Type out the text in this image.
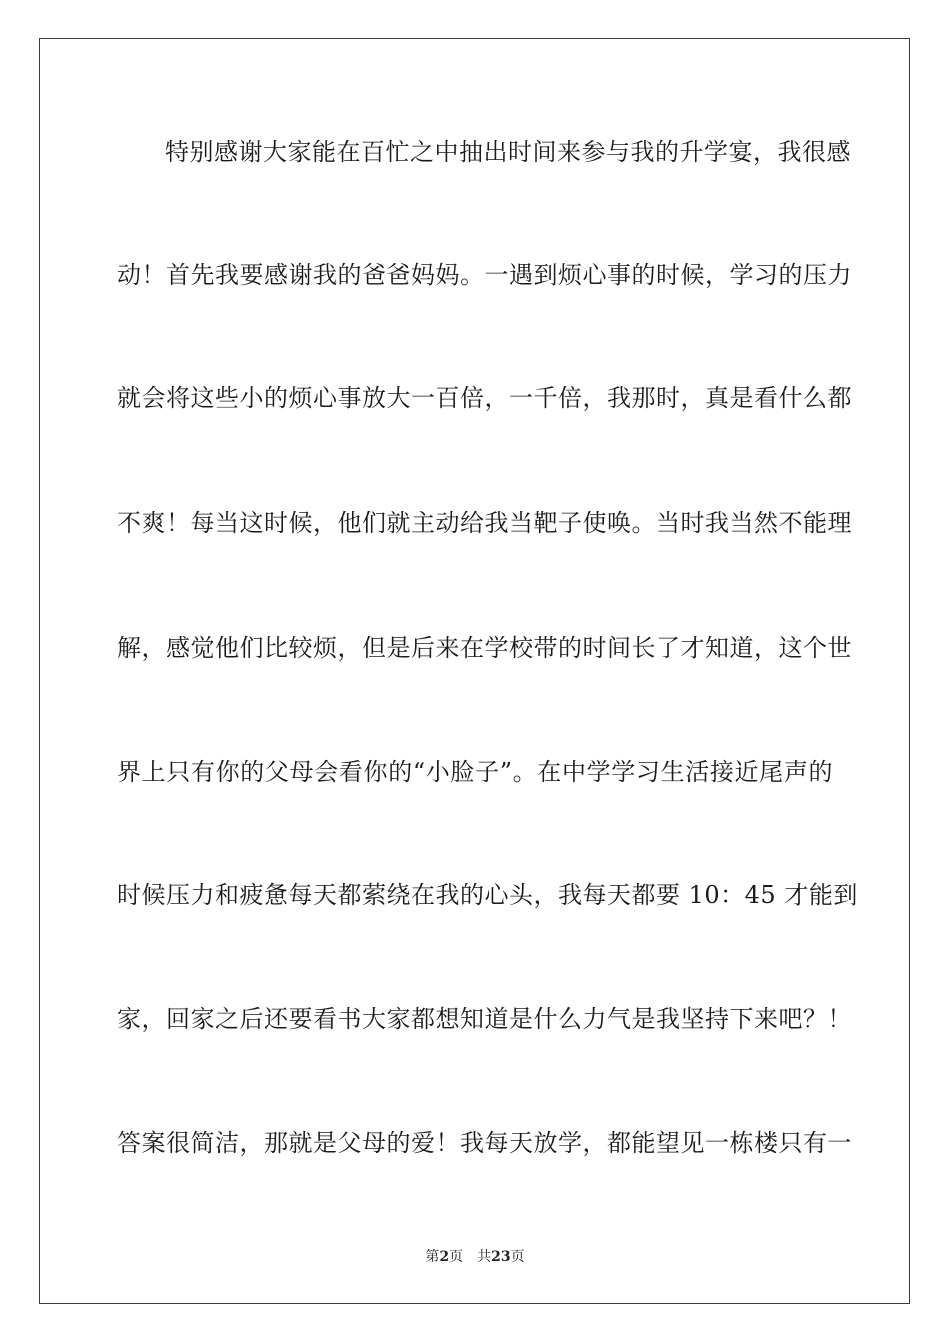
特别感谢大家能在百忙之中抽出时间来参与我的升学宴，我很感
动！首先我要感谢我的爸爸妈妈。一遇到烦心事的时候，学习的压力
就会将这些小的烦心事放大一百倍，一千倍，我那时，真是看什么都
不爽！每当这时候，他们就主动给我当靶子使唤。当时我当然不能理
解，感觉他们比较烦，但是后来在学校带的时间长了才知道，这个世
界上只有你的父母会看你的“小脸子”。在中学学习生活接近尾声的
时候压力和疲惫每天都萦绕在我的心头，我每天都要 10：45 才能到
家，回家之后还要看书大家都想知道是什么力气是我坚持下来吧？！
答案很简洁，那就是父母的爱！我每天放学，都能望见一栋楼只有一
第2页 共23页
